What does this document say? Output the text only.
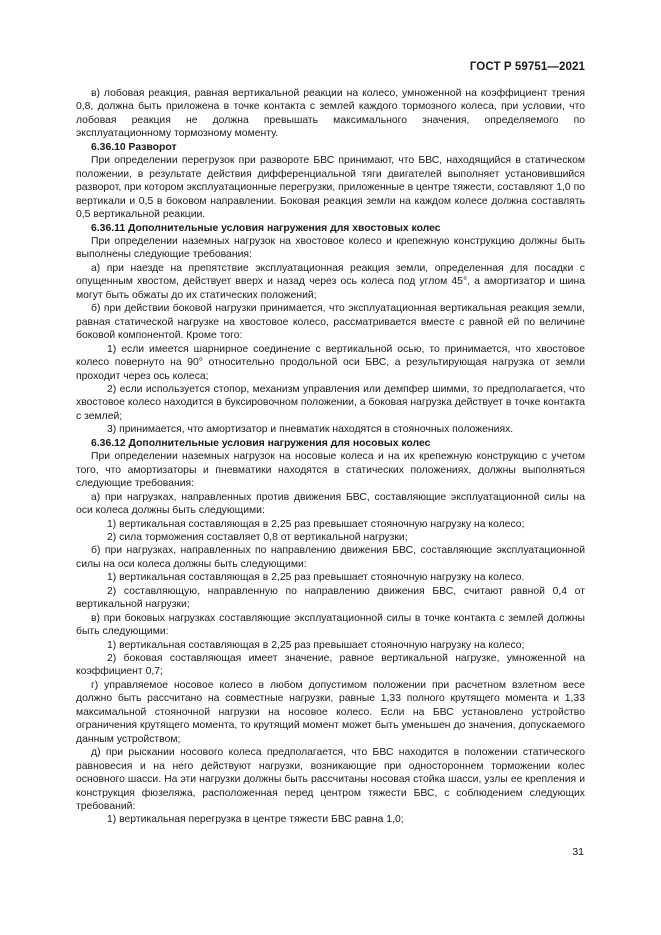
ГОСТ Р 59751—2021

в) лобовая реакция, равная вертикальной реакции на колесо, умноженной на коэффициент трения 0,8, должна быть приложена в точке контакта с землей каждого тормозного колеса, при условии, что лобовая реакция не должна превышать максимального значения, определяемого по эксплуатационному тормозному моменту.

6.36.10 Разворот

При определении перегрузок при развороте БВС принимают, что БВС, находящийся в статическом положении, в результате действия дифференциальной тяги двигателей выполняет установившийся разворот, при котором эксплуатационные перегрузки, приложенные в центре тяжести, составляют 1,0 по вертикали и 0,5 в боковом направлении. Боковая реакция земли на каждом колесе должна составлять 0,5 вертикальной реакции.

6.36.11 Дополнительные условия нагружения для хвостовых колес

При определении наземных нагрузок на хвостовое колесо и крепежную конструкцию должны быть выполнены следующие требования:

а) при наезде на препятствие эксплуатационная реакция земли, определенная для посадки с опущенным хвостом, действует вверх и назад через ось колеса под углом 45°, а амортизатор и шина могут быть обжаты до их статических положений;

б) при действии боковой нагрузки принимается, что эксплуатационная вертикальная реакция земли, равная статической нагрузке на хвостовое колесо, рассматривается вместе с равной ей по величине боковой компонентой. Кроме того:

1) если имеется шарнирное соединение с вертикальной осью, то принимается, что хвостовое колесо повернуто на 90° относительно продольной оси БВС, а результирующая нагрузка от земли проходит через ось колеса;

2) если используется стопор, механизм управления или демпфер шимми, то предполагается, что хвостовое колесо находится в буксировочном положении, а боковая нагрузка действует в точке контакта с землей;

3) принимается, что амортизатор и пневматик находятся в стояночных положениях.

6.36.12 Дополнительные условия нагружения для носовых колес

При определении наземных нагрузок на носовые колеса и на их крепежную конструкцию с учетом того, что амортизаторы и пневматики находятся в статических положениях, должны выполняться следующие требования:

а) при нагрузках, направленных против движения БВС, составляющие эксплуатационной силы на оси колеса должны быть следующими:

1) вертикальная составляющая в 2,25 раз превышает стояночную нагрузку на колесо;

2) сила торможения составляет 0,8 от вертикальной нагрузки;

б) при нагрузках, направленных по направлению движения БВС, составляющие эксплуатационной силы на оси колеса должны быть следующими:

1) вертикальная составляющая в 2,25 раз превышает стояночную нагрузку на колесо.

2) составляющую, направленную по направлению движения БВС, считают равной 0,4 от вертикальной нагрузки;

в) при боковых нагрузках составляющие эксплуатационной силы в точке контакта с землей должны быть следующими:

1) вертикальная составляющая в 2,25 раз превышает стояночную нагрузку на колесо;

2) боковая составляющая имеет значение, равное вертикальной нагрузке, умноженной на коэффициент 0,7;

г) управляемое носовое колесо в любом допустимом положении при расчетном взлетном весе должно быть рассчитано на совместные нагрузки, равные 1,33 полного крутящего момента и 1,33 максимальной стояночной нагрузки на носовое колесо. Если на БВС установлено устройство ограничения крутящего момента, то крутящий момент может быть уменьшен до значения, допускаемого данным устройством;

д) при рыскании носового колеса предполагается, что БВС находится в положении статического равновесия и на него действуют нагрузки, возникающие при одностороннем торможении колес основного шасси. На эти нагрузки должны быть рассчитаны носовая стойка шасси, узлы ее крепления и конструкция фюзеляжа, расположенная перед центром тяжести БВС, с соблюдением следующих требований:

1) вертикальная перегрузка в центре тяжести БВС равна 1,0;

31
